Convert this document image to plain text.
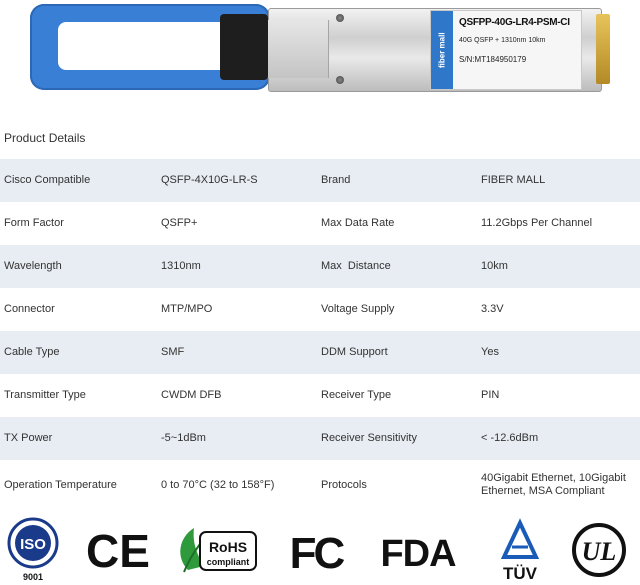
fiber mall
QSFPP-40G-LR4-PSM-CI
40G QSFP + 1310nm 10km
S/N:MT184950179
Product Details
Cisco Compatible	QSFP-4X10G-LR-S	Brand	FIBER MALL
Form Factor	QSFP+	Max Data Rate	11.2Gbps Per Channel
Wavelength	1310nm	Max  Distance	10km
Connector	MTP/MPO	Voltage Supply	3.3V
Cable Type	SMF	DDM Support	Yes
Transmitter Type	CWDM DFB	Receiver Type	PIN
TX Power	-5~1dBm	Receiver Sensitivity	< -12.6dBm
Operation Temperature	0 to 70°C (32 to 158°F)	Protocols
40Gigabit Ethernet, 10Gigabit Ethernet, MSA Compliant
ISO
9001 CE	RoHS
compliant FC FDA	TÜV
UL
